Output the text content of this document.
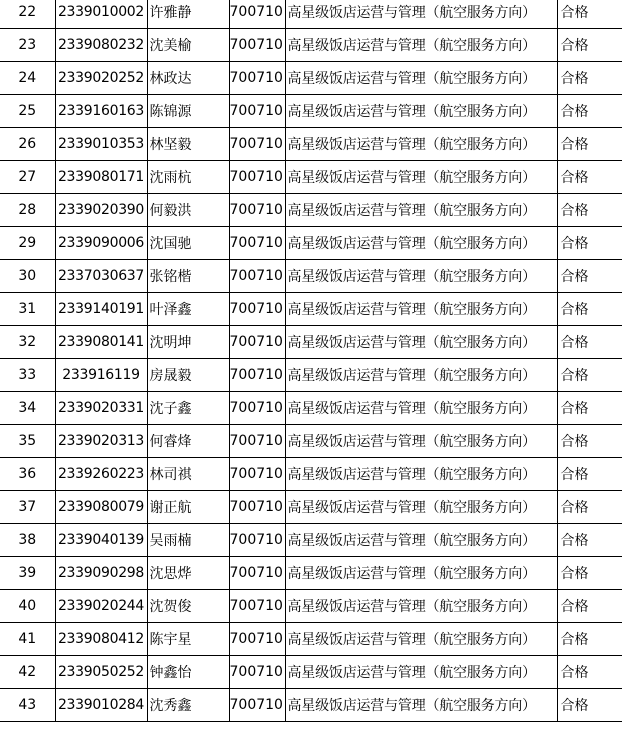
22	2339010002	许雅静	700710	高星级饭店运营与管理（航空服务方向）	合格
23	2339080232	沈美榆	700710	高星级饭店运营与管理（航空服务方向）	合格
24	2339020252	林政达	700710	高星级饭店运营与管理（航空服务方向）	合格
25	2339160163	陈锦源	700710	高星级饭店运营与管理（航空服务方向）	合格
26	2339010353	林坚毅	700710	高星级饭店运营与管理（航空服务方向）	合格
27	2339080171	沈雨杭	700710	高星级饭店运营与管理（航空服务方向）	合格
28	2339020390	何毅洪	700710	高星级饭店运营与管理（航空服务方向）	合格
29	2339090006	沈国驰	700710	高星级饭店运营与管理（航空服务方向）	合格
30	2337030637	张铭楷	700710	高星级饭店运营与管理（航空服务方向）	合格
31	2339140191	叶泽鑫	700710	高星级饭店运营与管理（航空服务方向）	合格
32	2339080141	沈明坤	700710	高星级饭店运营与管理（航空服务方向）	合格
33	233916119	房晟毅	700710	高星级饭店运营与管理（航空服务方向）	合格
34	2339020331	沈子鑫	700710	高星级饭店运营与管理（航空服务方向）	合格
35	2339020313	何睿烽	700710	高星级饭店运营与管理（航空服务方向）	合格
36	2339260223	林司祺	700710	高星级饭店运营与管理（航空服务方向）	合格
37	2339080079	谢正航	700710	高星级饭店运营与管理（航空服务方向）	合格
38	2339040139	吴雨楠	700710	高星级饭店运营与管理（航空服务方向）	合格
39	2339090298	沈思烨	700710	高星级饭店运营与管理（航空服务方向）	合格
40	2339020244	沈贺俊	700710	高星级饭店运营与管理（航空服务方向）	合格
41	2339080412	陈宇星	700710	高星级饭店运营与管理（航空服务方向）	合格
42	2339050252	钟鑫怡	700710	高星级饭店运营与管理（航空服务方向）	合格
43	2339010284	沈秀鑫	700710	高星级饭店运营与管理（航空服务方向）	合格
